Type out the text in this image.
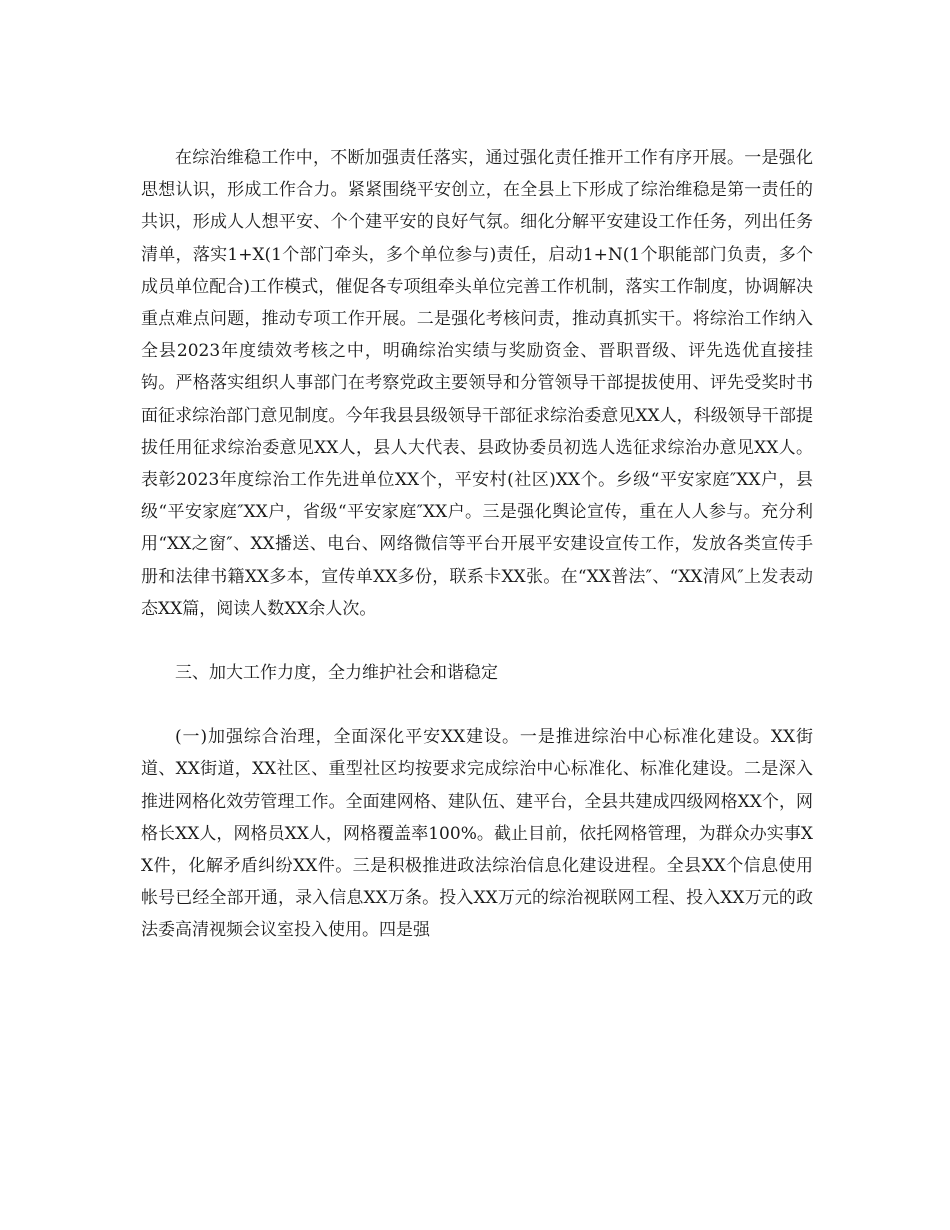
在综治维稳工作中，不断加强责任落实，通过强化责任推开工作有序开展。一是强化思想认识，形成工作合力。紧紧围绕平安创立，在全县上下形成了综治维稳是第一责任的共识，形成人人想平安、个个建平安的良好气氛。细化分解平安建设工作任务，列出任务清单，落实1+X(1个部门牵头，多个单位参与)责任，启动1+N(1个职能部门负责，多个成员单位配合)工作模式，催促各专项组牵头单位完善工作机制，落实工作制度，协调解决重点难点问题，推动专项工作开展。二是强化考核问责，推动真抓实干。将综治工作纳入全县2023年度绩效考核之中，明确综治实绩与奖励资金、晋职晋级、评先选优直接挂钩。严格落实组织人事部门在考察党政主要领导和分管领导干部提拔使用、评先受奖时书面征求综治部门意见制度。今年我县县级领导干部征求综治委意见XX人，科级领导干部提拔任用征求综治委意见XX人，县人大代表、县政协委员初选人选征求综治办意见XX人。表彰2023年度综治工作先进单位XX个，平安村(社区)XX个。乡级“平安家庭″XX户，县级“平安家庭″XX户，省级“平安家庭″XX户。三是强化舆论宣传，重在人人参与。充分利用“XX之窗″、XX播送、电台、网络微信等平台开展平安建设宣传工作，发放各类宣传手册和法律书籍XX多本，宣传单XX多份，联系卡XX张。在“XX普法″、“XX清风″上发表动态XX篇，阅读人数XX余人次。

三、加大工作力度，全力维护社会和谐稳定

(一)加强综合治理，全面深化平安XX建设。一是推进综治中心标准化建设。XX街道、XX街道，XX社区、重型社区均按要求完成综治中心标准化、标准化建设。二是深入推进网格化效劳管理工作。全面建网格、建队伍、建平台，全县共建成四级网格XX个，网格长XX人，网格员XX人，网格覆盖率100%。截止目前，依托网格管理，为群众办实事XX件，化解矛盾纠纷XX件。三是积极推进政法综治信息化建设进程。全县XX个信息使用帐号已经全部开通，录入信息XX万条。投入XX万元的综治视联网工程、投入XX万元的政法委高清视频会议室投入使用。四是强
